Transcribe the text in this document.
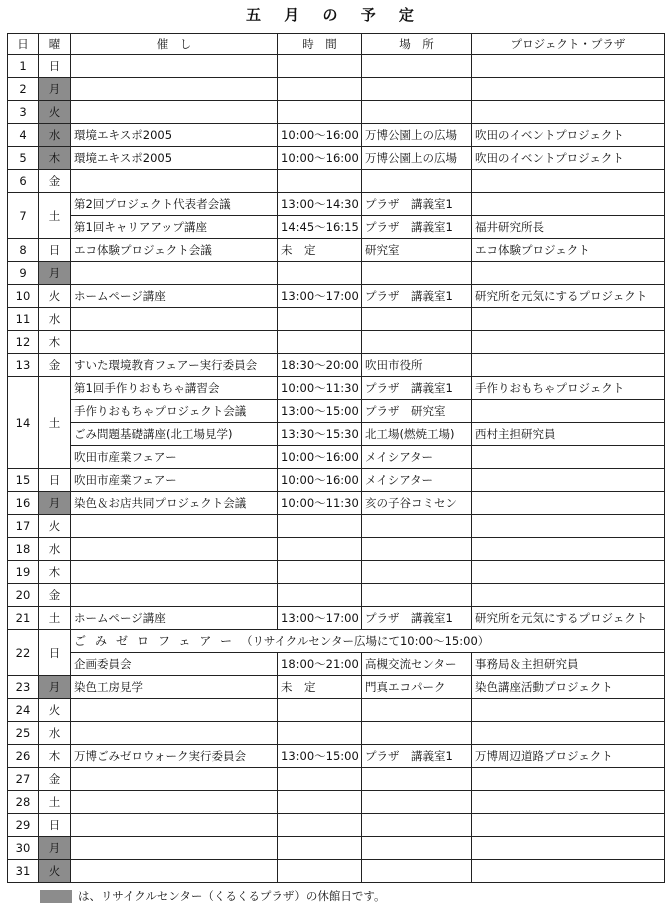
五 月 の 予 定
日	曜	催　し	時　間	場　所	プロジェクト・プラザ
1	日				
2	月				
3	火				
4	水	環境エキスポ2005	10:00～16:00	万博公園上の広場	吹田のイベントプロジェクト
5	木	環境エキスポ2005	10:00～16:00	万博公園上の広場	吹田のイベントプロジェクト
6	金				
7	土	第2回プロジェクト代表者会議	13:00～14:30	プラザ　講義室1	
		第1回キャリアアップ講座	14:45～16:15	プラザ　講義室1	福井研究所長
8	日	エコ体験プロジェクト会議	未　定	研究室	エコ体験プロジェクト
9	月				
10	火	ホームページ講座	13:00～17:00	プラザ　講義室1	研究所を元気にするプロジェクト
11	水				
12	木				
13	金	すいた環境教育フェアー実行委員会	18:30～20:00	吹田市役所	
14	土	第1回手作りおもちゃ講習会	10:00～11:30	プラザ　講義室1	手作りおもちゃプロジェクト
		手作りおもちゃプロジェクト会議	13:00～15:00	プラザ　研究室	
		ごみ問題基礎講座(北工場見学)	13:30～15:30	北工場(燃焼工場)	西村主担研究員
		吹田市産業フェアー	10:00～16:00	メイシアター	
15	日	吹田市産業フェアー	10:00～16:00	メイシアター	
16	月	染色＆お店共同プロジェクト会議	10:00～11:30	亥の子谷コミセン	
17	火				
18	水				
19	木				
20	金				
21	土	ホームページ講座	13:00～17:00	プラザ　講義室1	研究所を元気にするプロジェクト
22	日	ごみゼロフェアー（リサイクルセンター広場にて10:00～15:00）			
		企画委員会	18:00～21:00	高槻交流センター	事務局＆主担研究員
23	月	染色工房見学	未　定	門真エコパーク	染色講座活動プロジェクト
24	火				
25	水				
26	木	万博ごみゼロウォーク実行委員会	13:00～15:00	プラザ　講義室1	万博周辺道路プロジェクト
27	金				
28	土				
29	日				
30	月				
31	火				
は、リサイクルセンター（くるくるプラザ）の休館日です。
